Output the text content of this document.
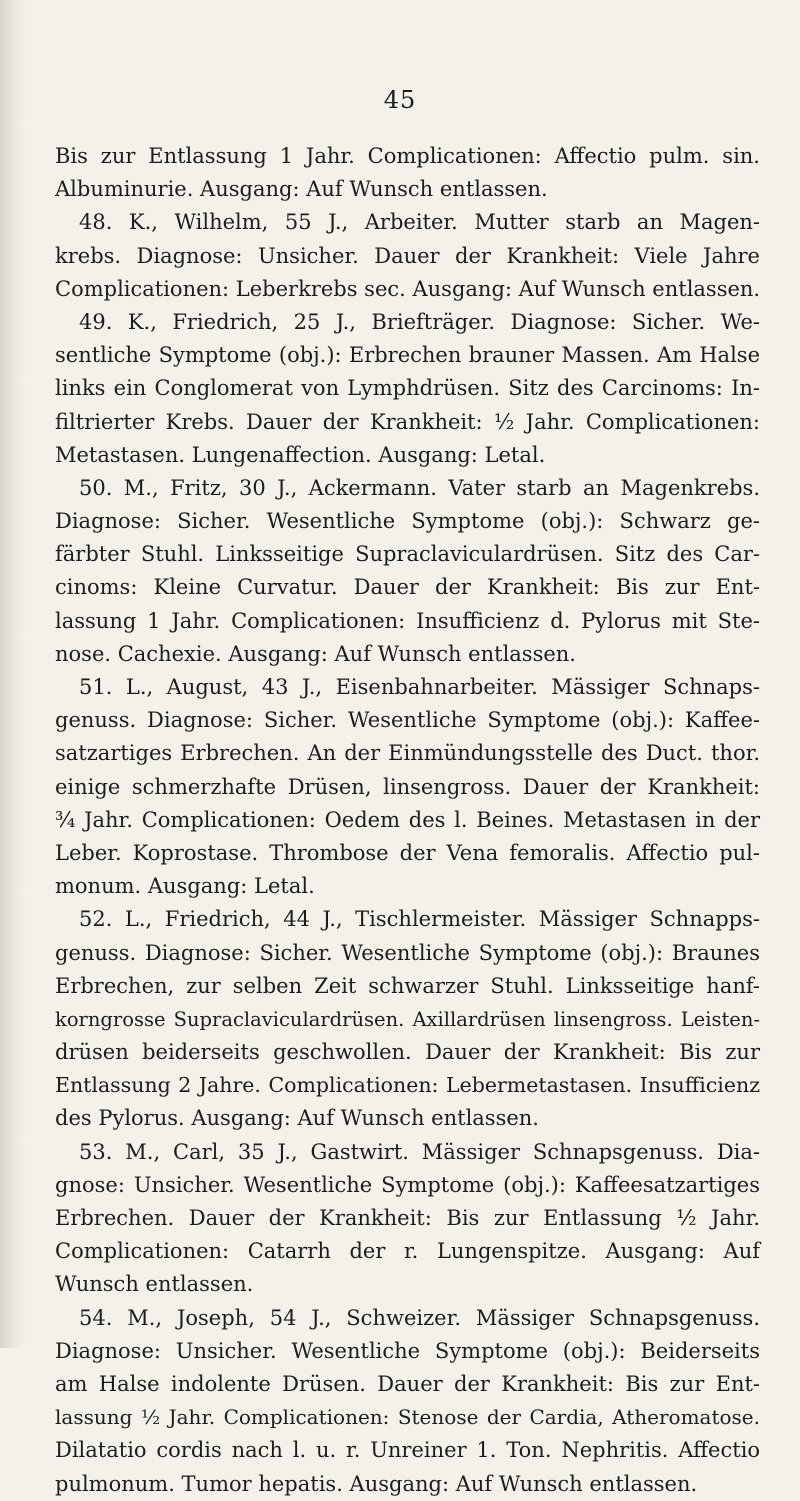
45
Bis zur Entlassung 1 Jahr. Complicationen: Affectio pulm. sin.
Albuminurie. Ausgang: Auf Wunsch entlassen.
48. K., Wilhelm, 55 J., Arbeiter. Mutter starb an Magen-
krebs. Diagnose: Unsicher. Dauer der Krankheit: Viele Jahre
Complicationen: Leberkrebs sec. Ausgang: Auf Wunsch entlassen.
49. K., Friedrich, 25 J., Briefträger. Diagnose: Sicher. We-
sentliche Symptome (obj.): Erbrechen brauner Massen. Am Halse
links ein Conglomerat von Lymphdrüsen. Sitz des Carcinoms: In-
filtrierter Krebs. Dauer der Krankheit: ½ Jahr. Complicationen:
Metastasen. Lungenaffection. Ausgang: Letal.
50. M., Fritz, 30 J., Ackermann. Vater starb an Magenkrebs.
Diagnose: Sicher. Wesentliche Symptome (obj.): Schwarz ge-
färbter Stuhl. Linksseitige Supraclaviculardrüsen. Sitz des Car-
cinoms: Kleine Curvatur. Dauer der Krankheit: Bis zur Ent-
lassung 1 Jahr. Complicationen: Insufficienz d. Pylorus mit Ste-
nose. Cachexie. Ausgang: Auf Wunsch entlassen.
51. L., August, 43 J., Eisenbahnarbeiter. Mässiger Schnaps-
genuss. Diagnose: Sicher. Wesentliche Symptome (obj.): Kaffee-
satzartiges Erbrechen. An der Einmündungsstelle des Duct. thor.
einige schmerzhafte Drüsen, linsengross. Dauer der Krankheit:
¾ Jahr. Complicationen: Oedem des l. Beines. Metastasen in der
Leber. Koprostase. Thrombose der Vena femoralis. Affectio pul-
monum. Ausgang: Letal.
52. L., Friedrich, 44 J., Tischlermeister. Mässiger Schnapps-
genuss. Diagnose: Sicher. Wesentliche Symptome (obj.): Braunes
Erbrechen, zur selben Zeit schwarzer Stuhl. Linksseitige hanf-
korngrosse Supraclaviculardrüsen. Axillardrüsen linsengross. Leisten-
drüsen beiderseits geschwollen. Dauer der Krankheit: Bis zur
Entlassung 2 Jahre. Complicationen: Lebermetastasen. Insufficienz
des Pylorus. Ausgang: Auf Wunsch entlassen.
53. M., Carl, 35 J., Gastwirt. Mässiger Schnapsgenuss. Dia-
gnose: Unsicher. Wesentliche Symptome (obj.): Kaffeesatzartiges
Erbrechen. Dauer der Krankheit: Bis zur Entlassung ½ Jahr.
Complicationen: Catarrh der r. Lungenspitze. Ausgang: Auf
Wunsch entlassen.
54. M., Joseph, 54 J., Schweizer. Mässiger Schnapsgenuss.
Diagnose: Unsicher. Wesentliche Symptome (obj.): Beiderseits
am Halse indolente Drüsen. Dauer der Krankheit: Bis zur Ent-
lassung ½ Jahr. Complicationen: Stenose der Cardia, Atheromatose.
Dilatatio cordis nach l. u. r. Unreiner 1. Ton. Nephritis. Affectio
pulmonum. Tumor hepatis. Ausgang: Auf Wunsch entlassen.
